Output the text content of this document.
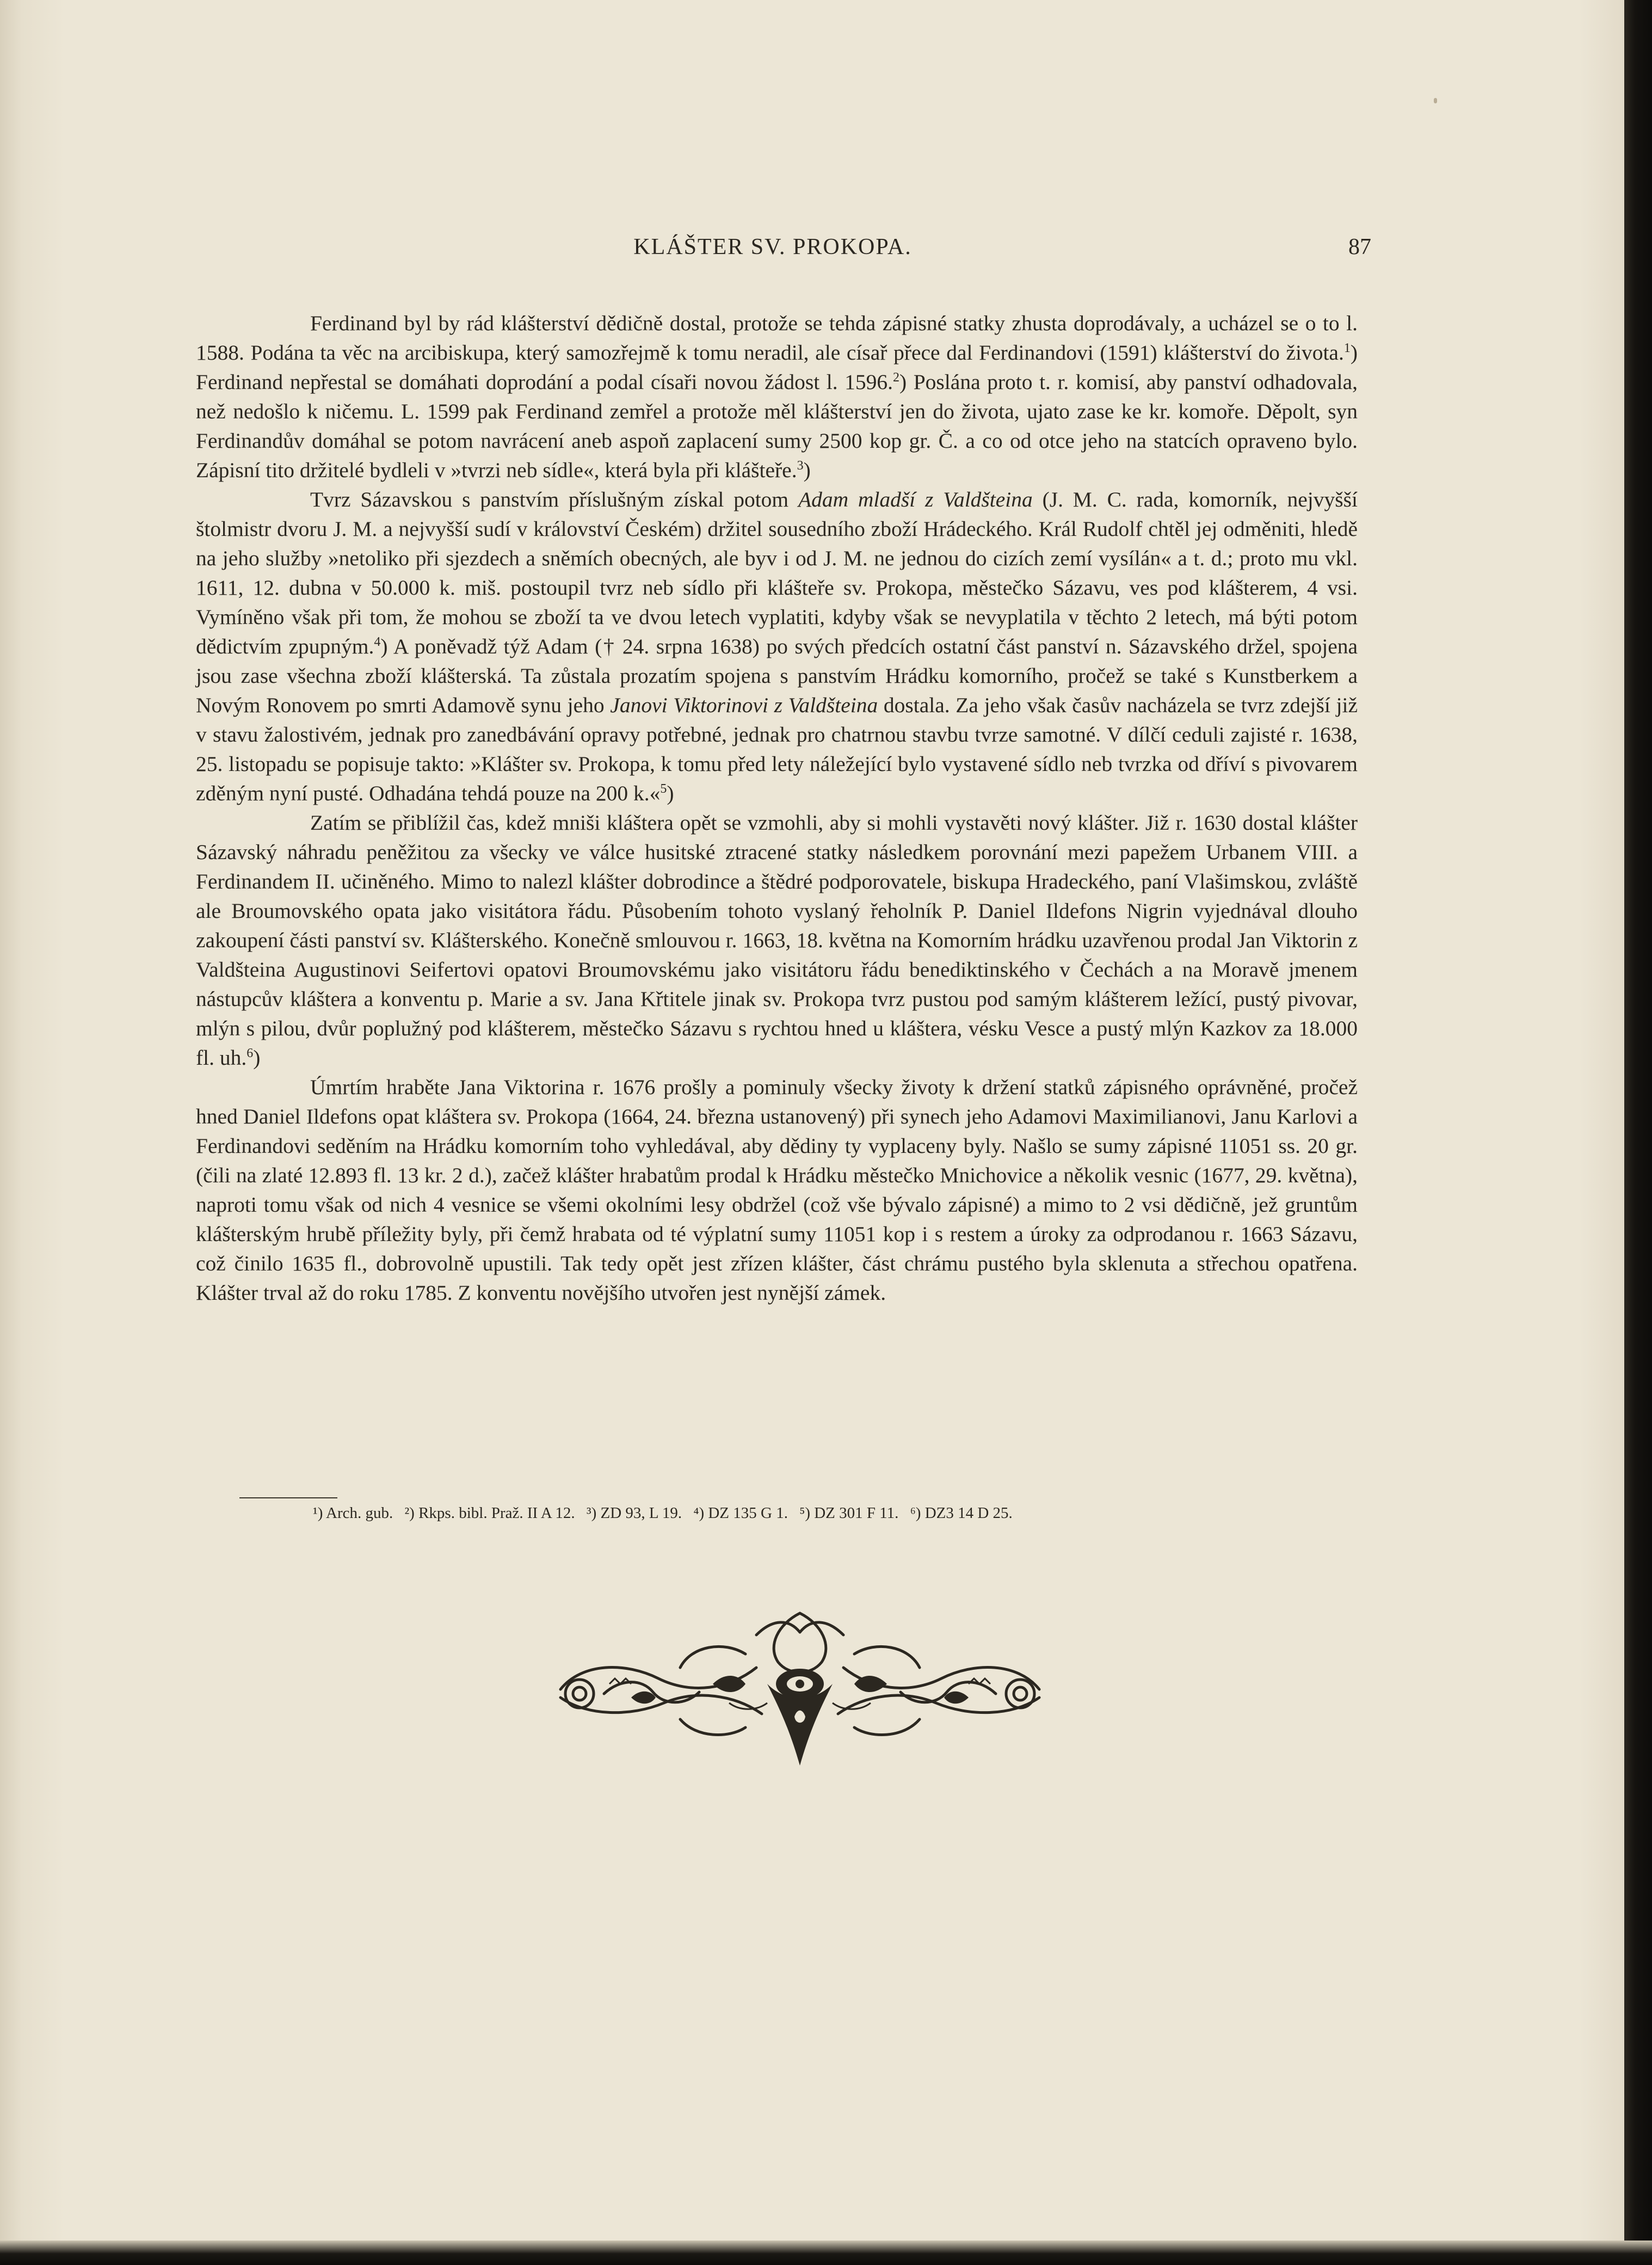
KLÁŠTER SV. PROKOPA.	87

Ferdinand byl by rád klášterství dědičně dostal, protože se tehda zápisné statky zhusta doprodávaly, a ucházel se o to l. 1588. Podána ta věc na arcibiskupa, který samozřejmě k tomu neradil, ale císař přece dal Ferdinandovi (1591) klášterství do života.$^1$) Ferdinand nepřestal se domáhati doprodání a podal císaři novou žádost l. 1596.$^2$) Poslána proto t. r. komisí, aby panství odhadovala, než nedošlo k ničemu. L. 1599 pak Ferdinand zemřel a protože měl klášterství jen do života, ujato zase ke kr. komoře. Děpolt, syn Ferdinandův domáhal se potom navrácení aneb aspoň zaplacení sumy 2500 kop gr. Č. a co od otce jeho na statcích opraveno bylo. Zápisní tito držitelé bydleli v »tvrzi neb sídle«, která byla při klášteře.$^3$)

Tvrz Sázavskou s panstvím příslušným získal potom Adam mladší z Valdšteina (J. M. C. rada, komorník, nejvyšší štolmistr dvoru J. M. a nejvyšší sudí v království Českém) držitel sousedního zboží Hrádeckého. Král Rudolf chtěl jej odměniti, hledě na jeho služby »netoliko při sjezdech a sněmích obecných, ale byv i od J. M. ne jednou do cizích zemí vysílán« a t. d.; proto mu vkl. 1611, 12. dubna v 50.000 k. miš. postoupil tvrz neb sídlo při klášteře sv. Prokopa, městečko Sázavu, ves pod klášterem, 4 vsi. Vymíněno však při tom, že mohou se zboží ta ve dvou letech vyplatiti, kdyby však se nevyplatila v těchto 2 letech, má býti potom dědictvím zpupným.$^4$) A poněvadž týž Adam († 24. srpna 1638) po svých předcích ostatní část panství n. Sázavského držel, spojena jsou zase všechna zboží klášterská. Ta zůstala prozatím spojena s panstvím Hrádku komorního, pročež se také s Kunstberkem a Novým Ronovem po smrti Adamově synu jeho Janovi Viktorinovi z Valdšteina dostala. Za jeho však časův nacházela se tvrz zdejší již v stavu žalostivém, jednak pro zanedbávání opravy potřebné, jednak pro chatrnou stavbu tvrze samotné. V dílčí ceduli zajisté r. 1638, 25. listopadu se popisuje takto: »Klášter sv. Prokopa, k tomu před lety náležející bylo vystavené sídlo neb tvrzka od dříví s pivovarem zděným nyní pusté. Odhadána tehdá pouze na 200 k.«$^5$)

Zatím se přiblížil čas, kdež mniši kláštera opět se vzmohli, aby si mohli vystavěti nový klášter. Již r. 1630 dostal klášter Sázavský náhradu peněžitou za všecky ve válce husitské ztracené statky následkem porovnání mezi papežem Urbanem VIII. a Ferdinandem II. učiněného. Mimo to nalezl klášter dobrodince a štědré podporovatele, biskupa Hradeckého, paní Vlašimskou, zvláště ale Broumovského opata jako visitátora řádu. Působením tohoto vyslaný řeholník P. Daniel Ildefons Nigrin vyjednával dlouho zakoupení části panství sv. Klášterského. Konečně smlouvou r. 1663, 18. května na Komorním hrádku uzavřenou prodal Jan Viktorin z Valdšteina Augustinovi Seifertovi opatovi Broumovskému jako visitátoru řádu benediktinského v Čechách a na Moravě jmenem nástupcův kláštera a konventu p. Marie a sv. Jana Křtitele jinak sv. Prokopa tvrz pustou pod samým klášterem ležící, pustý pivovar, mlýn s pilou, dvůr poplužný pod klášterem, městečko Sázavu s rychtou hned u kláštera, vésku Vesce a pustý mlýn Kazkov za 18.000 fl. uh.$^6$)

Úmrtím hraběte Jana Viktorina r. 1676 prošly a pominuly všecky životy k držení statků zápisného oprávněné, pročež hned Daniel Ildefons opat kláštera sv. Prokopa (1664, 24. března ustanovený) při synech jeho Adamovi Maximilianovi, Janu Karlovi a Ferdinandovi seděním na Hrádku komorním toho vyhledával, aby dědiny ty vyplaceny byly. Našlo se sumy zápisné 11051 ss. 20 gr. (čili na zlaté 12.893 fl. 13 kr. 2 d.), začež klášter hrabatům prodal k Hrádku městečko Mnichovice a několik vesnic (1677, 29. května), naproti tomu však od nich 4 vesnice se všemi okolními lesy obdržel (což vše bývalo zápisné) a mimo to 2 vsi dědičně, jež gruntům klášterským hrubě příležity byly, při čemž hrabata od té výplatní sumy 11051 kop i s restem a úroky za odprodanou r. 1663 Sázavu, což činilo 1635 fl., dobrovolně upustili. Tak tedy opět jest zřízen klášter, část chrámu pustého byla sklenuta a střechou opatřena. Klášter trval až do roku 1785. Z konventu novějšího utvořen jest nynější zámek.

¹) Arch. gub. ²) Rkps. bibl. Praž. II A 12. ³) ZD 93, L 19. ⁴) DZ 135 G 1. ⁵) DZ 301 F 11. ⁶) DZ3 14 D 25.
